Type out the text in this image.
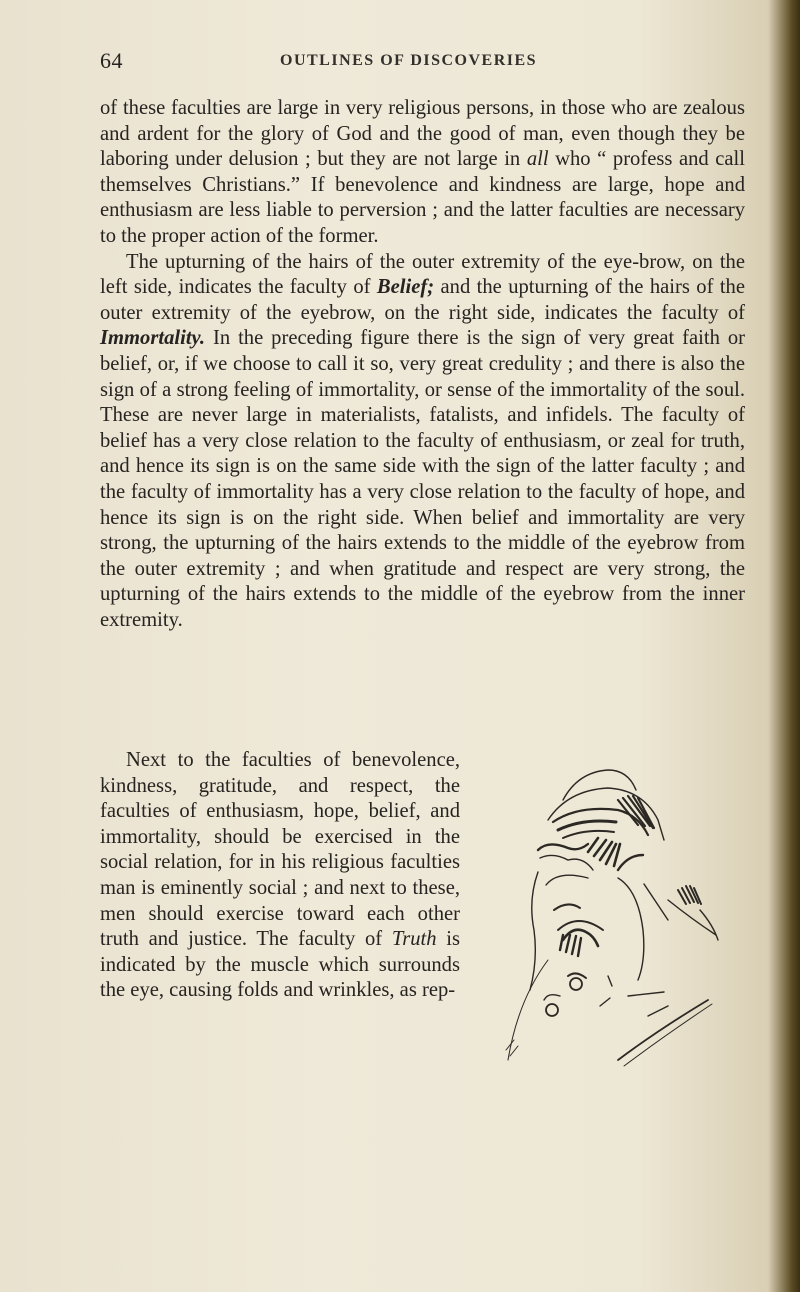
64	OUTLINES OF DISCOVERIES

of these faculties are large in very religious persons, in those who are zealous and ardent for the glory of God and the good of man, even though they be laboring under delusion ; but they are not large in all who “ profess and call themselves Christians.” If benevolence and kindness are large, hope and enthusiasm are less liable to perversion ; and the latter faculties are necessary to the proper action of the former.

The upturning of the hairs of the outer extremity of the eye-brow, on the left side, indicates the faculty of Belief; and the upturning of the hairs of the outer extremity of the eyebrow, on the right side, indicates the faculty of Immortality. In the preceding figure there is the sign of very great faith or belief, or, if we choose to call it so, very great credulity ; and there is also the sign of a strong feeling of immortality, or sense of the immortality of the soul. These are never large in materialists, fatalists, and infidels. The faculty of belief has a very close relation to the faculty of enthusiasm, or zeal for truth, and hence its sign is on the same side with the sign of the latter faculty ; and the faculty of immortality has a very close relation to the faculty of hope, and hence its sign is on the right side. When belief and immortality are very strong, the upturning of the hairs extends to the middle of the eyebrow from the outer extremity ; and when gratitude and respect are very strong, the upturning of the hairs extends to the middle of the eyebrow from the inner extremity.

Next to the faculties of benevolence, kindness, gratitude, and respect, the faculties of enthusiasm, hope, belief, and immortality, should be exercised in the social relation, for in his religious faculties man is eminently social ; and next to these, men should exercise toward each other truth and justice. The faculty of Truth is indicated by the muscle which surrounds the eye, causing folds and wrinkles, as rep-
